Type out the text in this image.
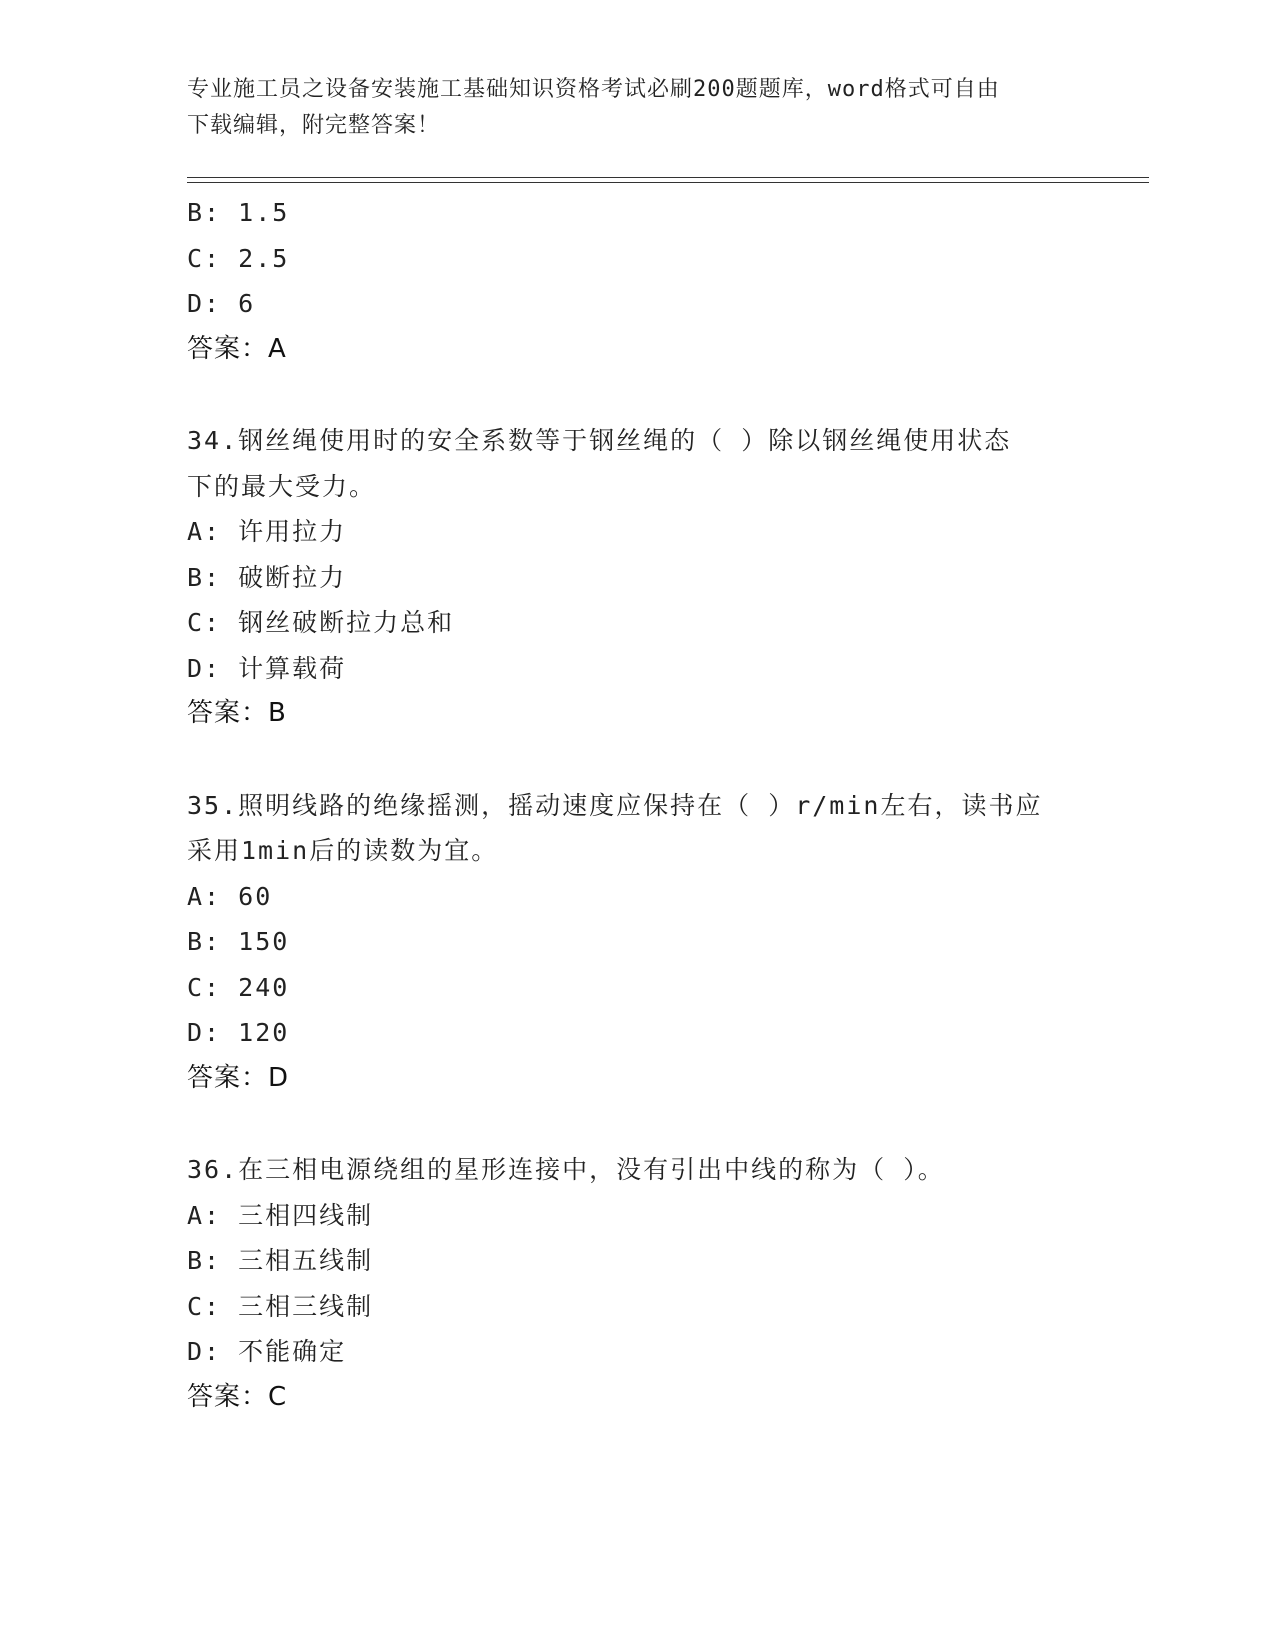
专业施工员之设备安装施工基础知识资格考试必刷200题题库，word格式可自由
下载编辑，附完整答案！
B: 1.5
C: 2.5
D: 6
答案：A
34.钢丝绳使用时的安全系数等于钢丝绳的（ ）除以钢丝绳使用状态
下的最大受力。
A: 许用拉力
B: 破断拉力
C: 钢丝破断拉力总和
D: 计算载荷
答案：B
35.照明线路的绝缘摇测，摇动速度应保持在（ ）r/min左右，读书应
采用1min后的读数为宜。
A: 60
B: 150
C: 240
D: 120
答案：D
36.在三相电源绕组的星形连接中，没有引出中线的称为（ ）。
A: 三相四线制
B: 三相五线制
C: 三相三线制
D: 不能确定
答案：C
